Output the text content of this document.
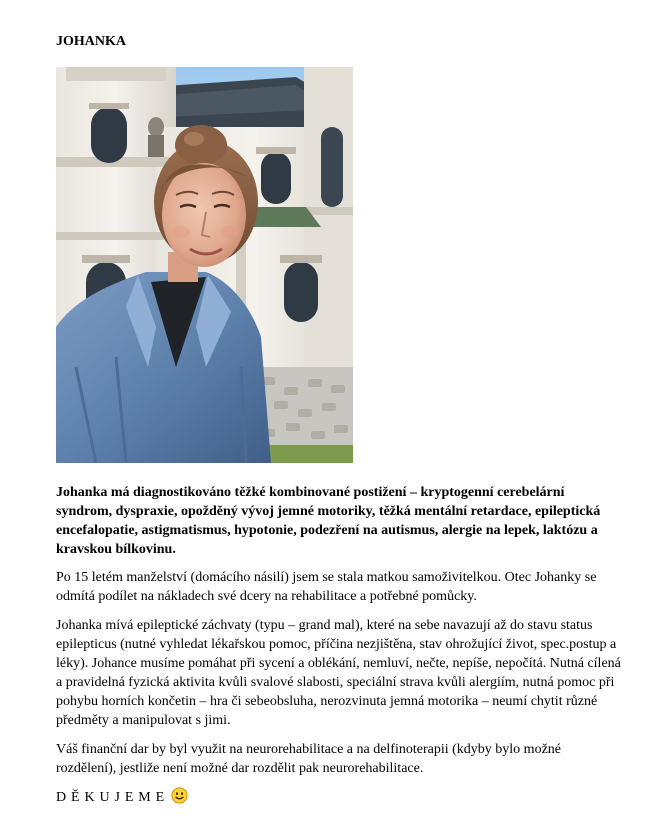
JOHANKA

Johanka má diagnostikováno těžké kombinované postižení – kryptogenní cerebelární syndrom, dyspraxie, opožděný vývoj jemné motoriky, těžká mentální retardace, epileptická encefalopatie, astigmatismus, hypotonie, podezření na autismus, alergie na lepek, laktózu a kravskou bílkovinu.

Po 15 letém manželství (domácího násilí) jsem se stala matkou samoživitelkou. Otec Johanky se odmítá podílet na nákladech své dcery na rehabilitace a potřebné pomůcky.

Johanka mívá epileptické záchvaty (typu – grand mal), které na sebe navazují až do stavu status epilepticus (nutné vyhledat lékařskou pomoc, příčina nezjištěna, stav ohrožující život, spec.postup a léky). Johance musíme pomáhat při sycení a oblékání, nemluví, nečte, nepíše, nepočítá. Nutná cílená a pravidelná fyzická aktivita kvůli svalové slabosti, speciální strava kvůli alergiím, nutná pomoc při pohybu horních končetin – hra či sebeobsluha, nerozvinuta jemná motorika – neumí chytit různé předměty a manipulovat s jimi.

Váš finanční dar by byl využit na neurorehabilitace a na delfinoterapii (kdyby bylo možné rozdělení), jestliže není možné dar rozdělit pak neurorehabilitace.

DĚKUJEME
